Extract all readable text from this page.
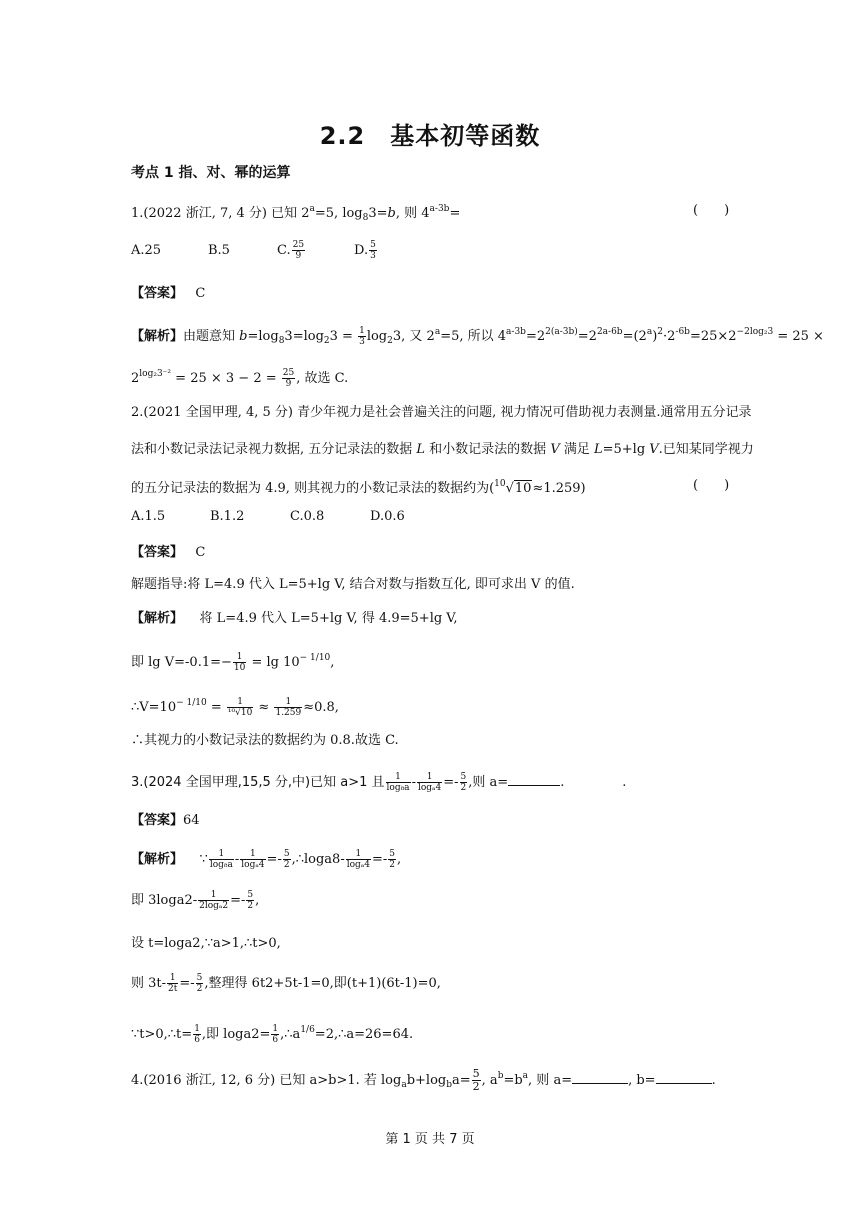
2.2　基本初等函数
考点 1 指、对、幂的运算
1.(2022 浙江, 7, 4 分) 已知 $2^a=5$, $\log_83=b$, 则 $4^{a-3b}=$	(　　)
A.25	B.5	C. $\frac{25}{9}$	D. $\frac{5}{3}$
【答案】 C
【解析】由题意知 $b=\log_83=\log_23 = \frac{1}{3} \log_23$, 又 $2^a=5$, 所以 $4^{a-3b}=2^{2(a-3b)}=2^{2a-6b}=(2^a)^2\cdot 2^{-6b}=25\times 2^{-2log_23} = 25$ ×
$2^{log_23^{-2}} = 25 \times 3 - 2 = \frac{25}{9}$ , 故选 C.
2.(2021 全国甲理, 4, 5 分) 青少年视力是社会普遍关注的问题, 视力情况可借助视力表测量.通常用五分记录
法和小数记录法记录视力数据, 五分记录法的数据 L 和小数记录法的数据 V 满足 L=5+lg V.已知某同学视力
的五分记录法的数据为 4.9, 则其视力的小数记录法的数据约为($^{10}$√10≈1.259)	(　　)
A.1.5	B.1.2	C.0.8	D.0.6
【答案】 C
解题指导:将 L=4.9 代入 L=5+lg V, 结合对数与指数互化, 即可求出 V 的值.
【解析】 将 L=4.9 代入 L=5+lg V, 得 4.9=5+lg V,
即 $\lg V=-0.1=- \frac{1}{10} = \lg 10^{- 1/10}$,
$\therefore V=10^{- 1/10} = \frac{1}{\text{¹⁰√10}} \approx \frac{1}{1.259} \approx 0.8$,
∴其视力的小数记录法的数据约为 0.8.故选 C.
3.(2024 全国甲理,15,5 分,中)已知 a>1 且 $\frac{1}{\text{log₈a}} - \frac{1}{\text{logₐ4}} =- \frac{5}{2}$ ,则 a=	.	.
【答案】64
【解析】 ∵ $\frac{1}{\text{log₈a}} - \frac{1}{\text{logₐ4}} =- \frac{5}{2}$ ,∴loga8- $\frac{1}{\text{logₐ4}} =- \frac{5}{2}$ ,
即 $3\log a2- \frac{1}{\text{2logₐ2}} =- \frac{5}{2}$ ,
设 t=loga2,∵a>1,∴t>0,
则 $3t- \frac{1}{2t} =- \frac{5}{2}$ ,整理得 6t2+5t-1=0,即(t+1)(6t-1)=0,
∵t>0,∴t= $\frac{1}{6}$ ,即 $\log a2= \frac{1}{6}$ $,\therefore a^{1/6}=2,\therefore a=26=64$.
4.(2016 浙江, 12, 6 分) 已知 a>b>1. 若 $\log_ab+\log_ba= \frac{5}{2}$ , $a^b=b^a$, 则 a=	, b=	.
第 1 页 共 7 页
